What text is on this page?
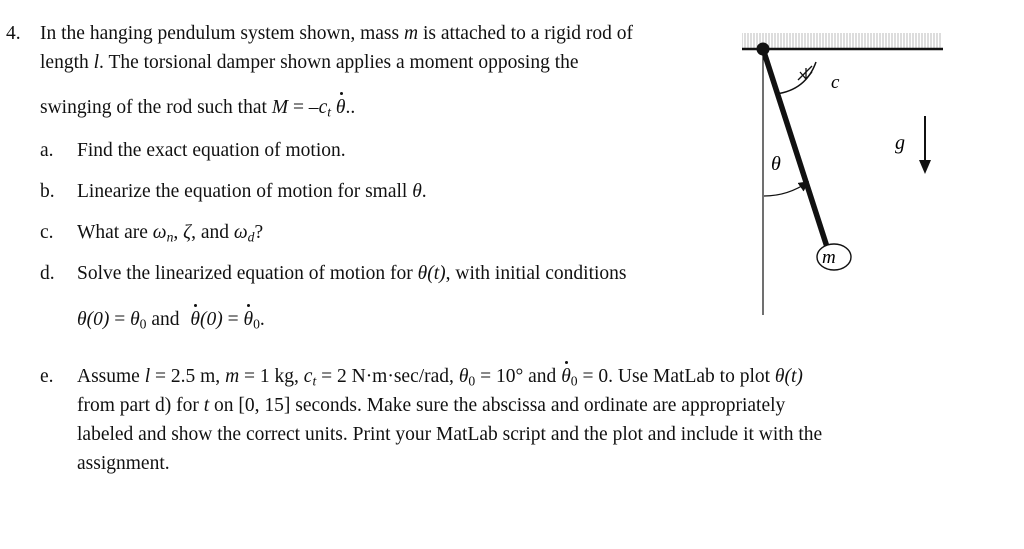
4. In the hanging pendulum system shown, mass m is attached to a rigid rod of
length l. The torsional damper shown applies a moment opposing the
swinging of the rod such that $M = -c_t$ θ..
a. Find the exact equation of motion.
b. Linearize the equation of motion for small θ.
c. What are $\omega_n$, ζ, and $\omega_d$?
d. Solve the linearized equation of motion for θ(t), with initial conditions
$\theta(0) = \theta_0$ and $\theta(0) = \theta_0$.
e. Assume l = 2.5 m, m = 1 kg, $c_t = 2$ N·m·sec/rad, $\theta_0 = 10^\circ$ and $\theta_0 = 0$. Use MatLab to plot θ(t)
from part d) for t on [0, 15] seconds. Make sure the abscissa and ordinate are appropriately
labeled and show the correct units. Print your MatLab script and the plot and include it with the
assignment.
c
θ
m
g
